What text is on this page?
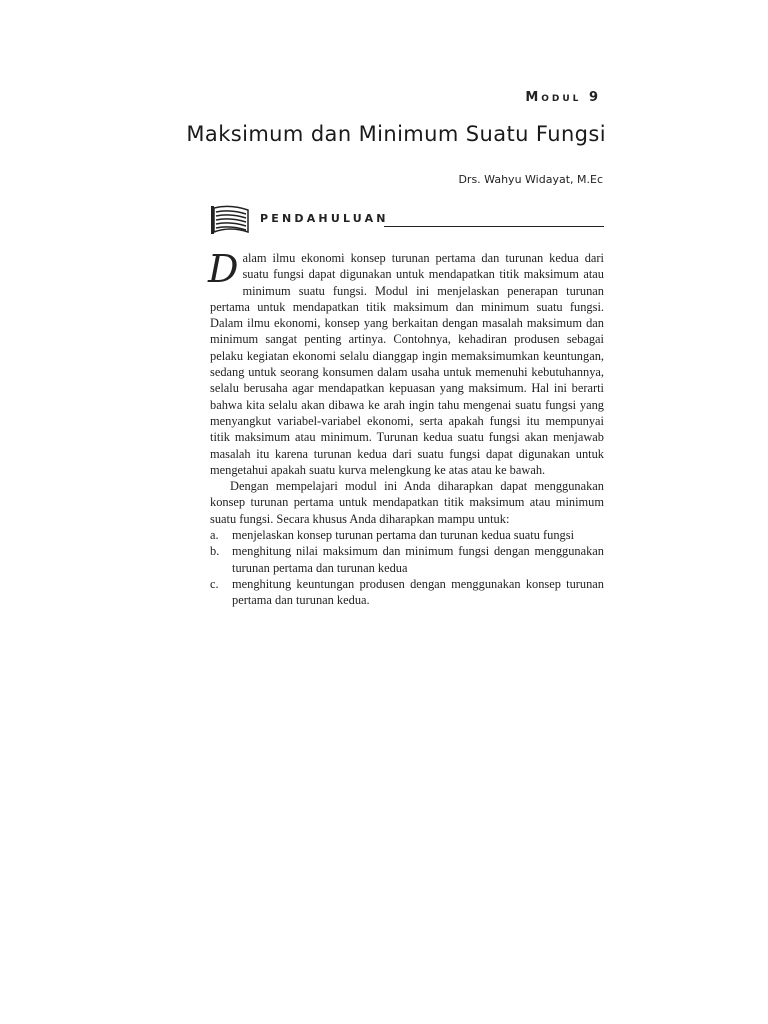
Modul 9
Maksimum dan Minimum Suatu Fungsi
Drs. Wahyu Widayat, M.Ec
PENDAHULUAN

Dalam ilmu ekonomi konsep turunan pertama dan turunan kedua dari suatu fungsi dapat digunakan untuk mendapatkan titik maksimum atau minimum suatu fungsi. Modul ini menjelaskan penerapan turunan pertama untuk mendapatkan titik maksimum dan minimum suatu fungsi. Dalam ilmu ekonomi, konsep yang berkaitan dengan masalah maksimum dan minimum sangat penting artinya. Contohnya, kehadiran produsen sebagai pelaku kegiatan ekonomi selalu dianggap ingin memaksimumkan keuntungan, sedang untuk seorang konsumen dalam usaha untuk memenuhi kebutuhannya, selalu berusaha agar mendapatkan kepuasan yang maksimum. Hal ini berarti bahwa kita selalu akan dibawa ke arah ingin tahu mengenai suatu fungsi yang menyangkut variabel-variabel ekonomi, serta apakah fungsi itu mempunyai titik maksimum atau minimum. Turunan kedua suatu fungsi akan menjawab masalah itu karena turunan kedua dari suatu fungsi dapat digunakan untuk mengetahui apakah suatu kurva melengkung ke atas atau ke bawah.

Dengan mempelajari modul ini Anda diharapkan dapat menggunakan konsep turunan pertama untuk mendapatkan titik maksimum atau minimum suatu fungsi. Secara khusus Anda diharapkan mampu untuk:

a. menjelaskan konsep turunan pertama dan turunan kedua suatu fungsi
b. menghitung nilai maksimum dan minimum fungsi dengan menggunakan turunan pertama dan turunan kedua
c. menghitung keuntungan produsen dengan menggunakan konsep turunan pertama dan turunan kedua.
